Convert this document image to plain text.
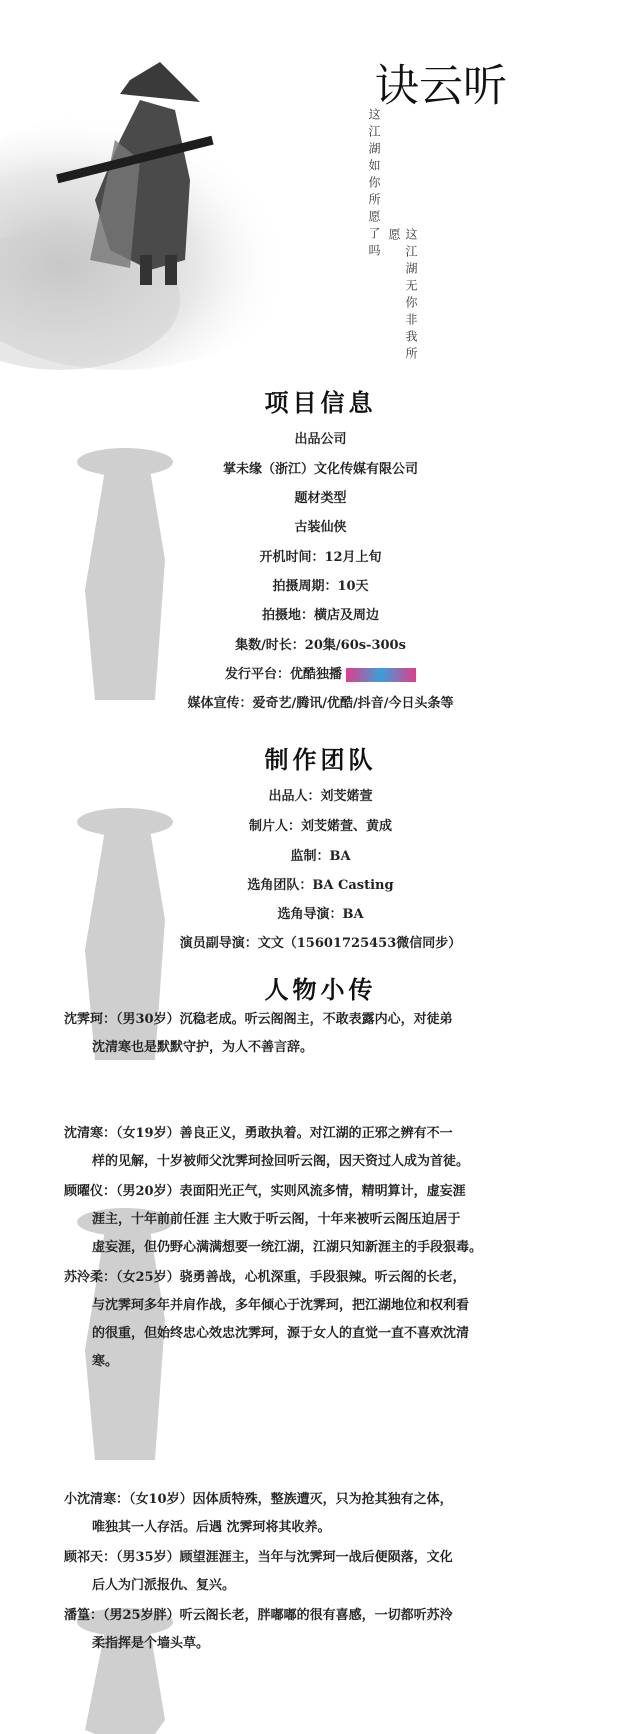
听
云
诀
这江湖如你所愿了吗
这江湖无你非我所愿
项目信息
出品公司
掌未缘（浙江）文化传媒有限公司
题材类型
古装仙侠
开机时间：12月上旬
拍摄周期：10天
拍摄地：横店及周边
集数/时长：20集/60s-300s
发行平台：优酷独播
媒体宣传：爱奇艺/腾讯/优酷/抖音/今日头条等
制作团队
出品人：刘芠婼萱
制片人：刘芠婼萱、黄成
监制：BA
选角团队：BA Casting
选角导演：BA
演员副导演：文文（15601725453微信同步）
人物小传

沈霁珂：（男30岁）沉稳老成。听云阁阁主，不敢表露内心，对徒弟

沈清寒也是默默守护，为人不善言辞。

沈清寒：（女19岁）善良正义，勇敢执着。对江湖的正邪之辨有不一

样的见解，十岁被师父沈霁珂捡回听云阁，因天资过人成为首徒。

顾曜仪：（男20岁）表面阳光正气，实则风流多情，精明算计，虚妄涯

涯主，十年前前任涯 主大败于听云阁，十年来被听云阁压迫居于

虚妄涯，但仍野心满满想要一统江湖，江湖只知新涯主的手段狠毒。

苏泠柔：（女25岁）骁勇善战，心机深重，手段狠辣。听云阁的长老，

与沈霁珂多年并肩作战，多年倾心于沈霁珂，把江湖地位和权利看

的很重，但始终忠心效忠沈霁珂，源于女人的直觉一直不喜欢沈清

寒。

小沈清寒：（女10岁）因体质特殊，整族遭灭，只为抢其独有之体，

唯独其一人存活。后遇 沈霁珂将其收养。

顾祁天：（男35岁）顾望涯涯主，当年与沈霁珂一战后便陨落，文化

后人为门派报仇、复兴。

潘篁：（男25岁胖）听云阁长老，胖嘟嘟的很有喜感，一切都听苏泠

柔指挥是个墙头草。
